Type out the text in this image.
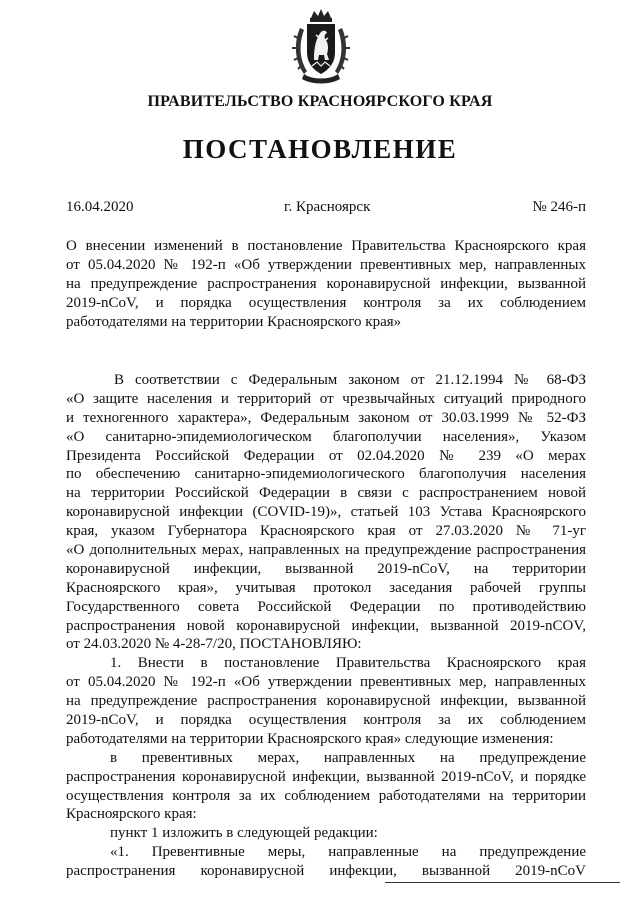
ПРАВИТЕЛЬСТВО КРАСНОЯРСКОГО КРАЯ
ПОСТАНОВЛЕНИЕ
16.04.2020	г. Красноярск	№ 246-п
О внесении изменений в постановление Правительства Красноярского края
от 05.04.2020 № 192-п «Об утверждении превентивных мер, направленных
на предупреждение распространения коронавирусной инфекции, вызванной
2019-nCoV, и порядка осуществления контроля за их соблюдением
работодателями на территории Красноярского края»
В соответствии с Федеральным законом от 21.12.1994 № 68-ФЗ
«О защите населения и территорий от чрезвычайных ситуаций природного
и техногенного характера», Федеральным законом от 30.03.1999 № 52-ФЗ
«О санитарно-эпидемиологическом благополучии населения», Указом
Президента Российской Федерации от 02.04.2020 № 239 «О мерах
по обеспечению санитарно-эпидемиологического благополучия населения
на территории Российской Федерации в связи с распространением новой
коронавирусной инфекции (COVID-19)», статьей 103 Устава Красноярского
края, указом Губернатора Красноярского края от 27.03.2020 № 71-уг
«О дополнительных мерах, направленных на предупреждение распространения
коронавирусной инфекции, вызванной 2019-nCoV, на территории
Красноярского края», учитывая протокол заседания рабочей группы
Государственного совета Российской Федерации по противодействию
распространения новой коронавирусной инфекции, вызванной 2019-nCOV,
от 24.03.2020 № 4-28-7/20, ПОСТАНОВЛЯЮ:
1. Внести в постановление Правительства Красноярского края
от 05.04.2020 № 192-п «Об утверждении превентивных мер, направленных
на предупреждение распространения коронавирусной инфекции, вызванной
2019-nCoV, и порядка осуществления контроля за их соблюдением
работодателями на территории Красноярского края» следующие изменения:
в превентивных мерах, направленных на предупреждение
распространения коронавирусной инфекции, вызванной 2019-nCoV, и порядке
осуществления контроля за их соблюдением работодателями на территории
Красноярского края:
пункт 1 изложить в следующей редакции:
«1. Превентивные меры, направленные на предупреждение
распространения коронавирусной инфекции, вызванной 2019-nCoV
